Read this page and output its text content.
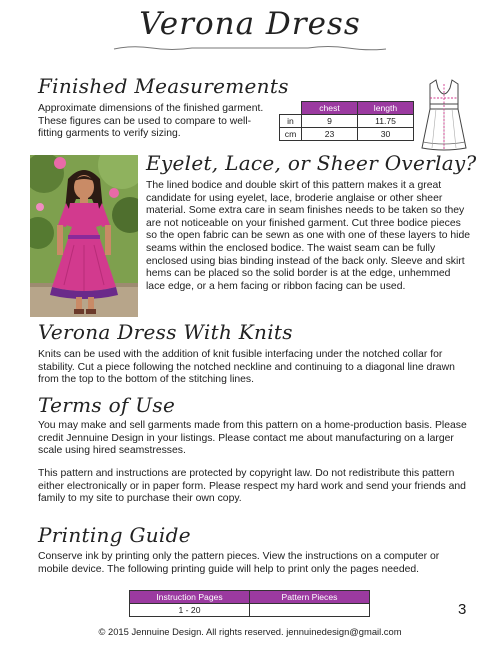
Verona Dress
Finished Measurements
Approximate dimensions of the finished garment. These figures can be used to compare to well-fitting garments to verify sizing.
	chest	length
in	9	11.75
cm	23	30
Eyelet, Lace, or Sheer Overlay?
The lined bodice and double skirt of this pattern makes it a great candidate for using eyelet, lace, broderie anglaise or other sheer material. Some extra care in seam finishes needs to be taken so they are not noticeable on your finished garment. Cut three bodice pieces so the open fabric can be sewn as one with one of these layers to hide seams within the enclosed bodice. The waist seam can be fully enclosed using bias binding instead of the back only. Sleeve and skirt hems can be placed so the solid border is at the edge, unhemmed lace edge, or a hem facing or ribbon facing can be used.
Verona Dress With Knits
Knits can be used with the addition of knit fusible interfacing under the notched collar for stability. Cut a piece following the notched neckline and continuing to a diagonal line drawn from the top to the bottom of the stitching lines.
Terms of Use
You may make and sell garments made from this pattern on a home-production basis. Please credit Jennuine Design in your listings. Please contact me about manufacturing on a larger scale using hired seamstresses.
This pattern and instructions are protected by copyright law. Do not redistribute this pattern either electronically or in paper form. Please respect my hard work and send your friends and family to my site to purchase their own copy.
Printing Guide
Conserve ink by printing only the pattern pieces. View the instructions on a computer or mobile device. The following printing guide will help to print only the pages needed.
Instruction Pages	Pattern Pieces
1 - 20		3
© 2015 Jennuine Design. All rights reserved. jennuinedesign@gmail.com
